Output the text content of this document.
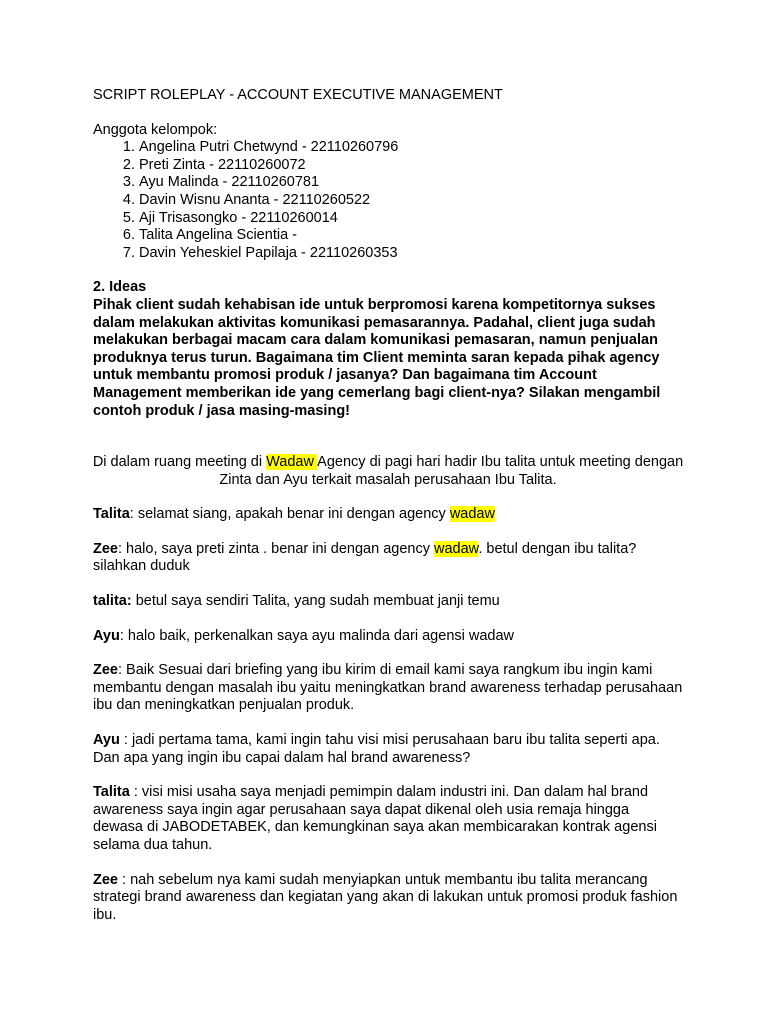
SCRIPT ROLEPLAY - ACCOUNT EXECUTIVE MANAGEMENT

Anggota kelompok:

1. Angelina Putri Chetwynd - 22110260796
2. Preti Zinta - 22110260072
3. Ayu Malinda - 22110260781
4. Davin Wisnu Ananta - 22110260522
5. Aji Trisasongko - 22110260014
6. Talita Angelina Scientia -
7. Davin Yeheskiel Papilaja - 22110260353

2. Ideas

Pihak client sudah kehabisan ide untuk berpromosi karena kompetitornya sukses dalam melakukan aktivitas komunikasi pemasarannya. Padahal, client juga sudah melakukan berbagai macam cara dalam komunikasi pemasaran, namun penjualan produknya terus turun. Bagaimana tim Client meminta saran kepada pihak agency untuk membantu promosi produk / jasanya? Dan bagaimana tim Account Management memberikan ide yang cemerlang bagi client-nya? Silakan mengambil contoh produk / jasa masing-masing!

Di dalam ruang meeting di Wadaw Agency di pagi hari hadir Ibu talita untuk meeting dengan Zinta dan Ayu terkait masalah perusahaan Ibu Talita.

Talita: selamat siang, apakah benar ini dengan agency wadaw

Zee: halo, saya preti zinta . benar ini dengan agency wadaw. betul dengan ibu talita? silahkan duduk

talita: betul saya sendiri Talita, yang sudah membuat janji temu

Ayu: halo baik, perkenalkan saya ayu malinda dari agensi wadaw

Zee: Baik Sesuai dari briefing yang ibu kirim di email kami saya rangkum ibu ingin kami membantu dengan masalah ibu yaitu meningkatkan brand awareness terhadap perusahaan ibu dan meningkatkan penjualan produk.

Ayu : jadi pertama tama, kami ingin tahu visi misi perusahaan baru ibu talita seperti apa. Dan apa yang ingin ibu capai dalam hal brand awareness?

Talita : visi misi usaha saya menjadi pemimpin dalam industri ini. Dan dalam hal brand awareness saya ingin agar perusahaan saya dapat dikenal oleh usia remaja hingga dewasa di JABODETABEK, dan kemungkinan saya akan membicarakan kontrak agensi selama dua tahun.

Zee : nah sebelum nya kami sudah menyiapkan untuk membantu ibu talita merancang strategi brand awareness dan kegiatan yang akan di lakukan untuk promosi produk fashion ibu.
